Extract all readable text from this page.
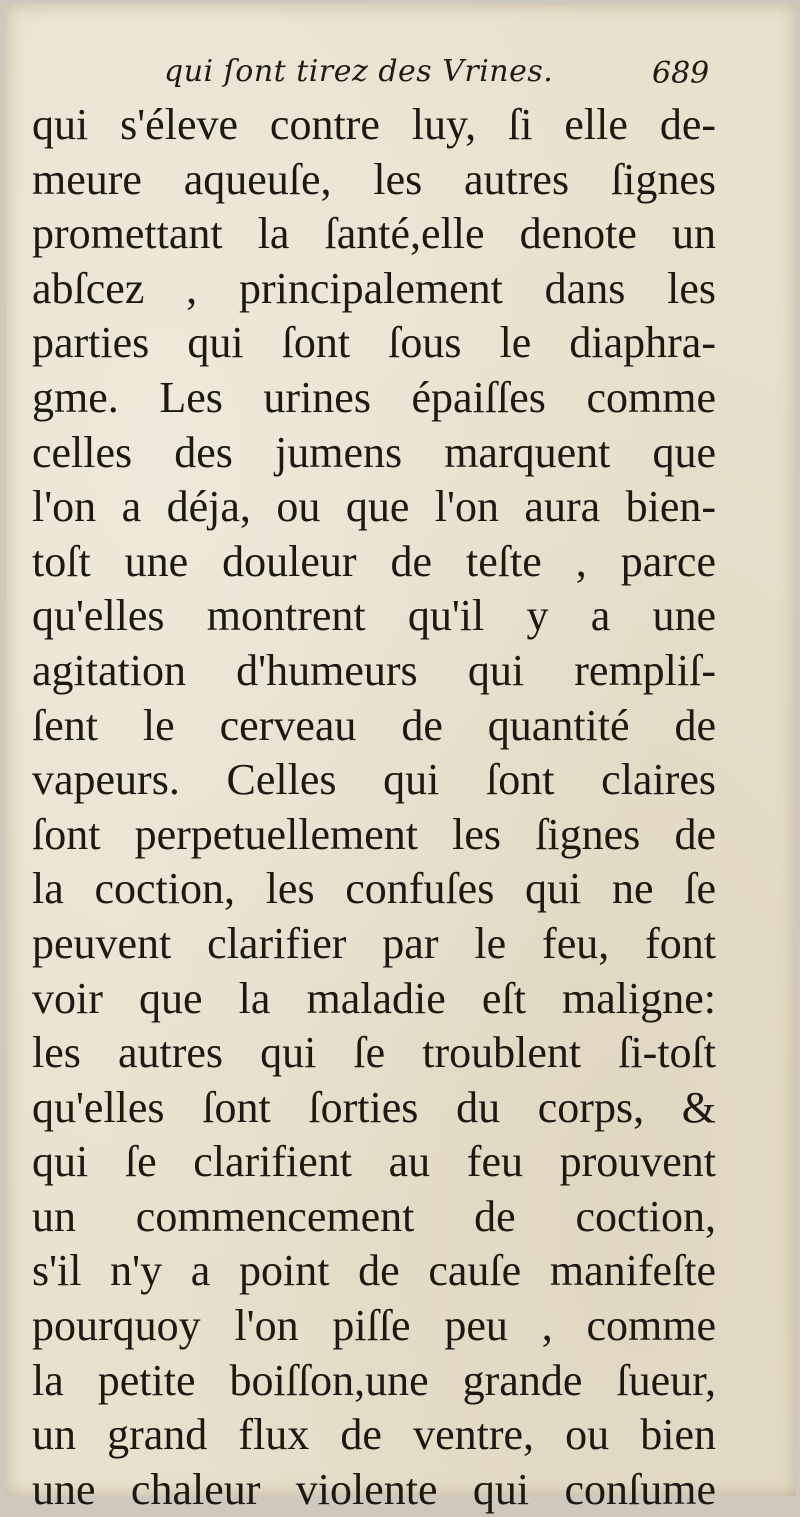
qui ſont tirez des Vrines.	689
qui s'éleve contre luy, ſi elle de-
meure aqueuſe, les autres ſignes
promettant la ſanté,elle denote un
abſcez , principalement dans les
parties qui ſont ſous le diaphra-
gme. Les urines épaiſſes comme
celles des jumens marquent que
l'on a déja, ou que l'on aura bien-
toſt une douleur de teſte , parce
qu'elles montrent qu'il y a une
agitation d'humeurs qui rempliſ-
ſent le cerveau de quantité de
vapeurs. Celles qui ſont claires
ſont perpetuellement les ſignes de
la coction, les confuſes qui ne ſe
peuvent clarifier par le feu, font
voir que la maladie eſt maligne:
les autres qui ſe troublent ſi-toſt
qu'elles ſont ſorties du corps, &
qui ſe clarifient au feu prouvent
un commencement de coction,
s'il n'y a point de cauſe manifeſte
pourquoy l'on piſſe peu , comme
la petite boiſſon,une grande ſueur,
un grand flux de ventre, ou bien
une chaleur violente qui conſume
